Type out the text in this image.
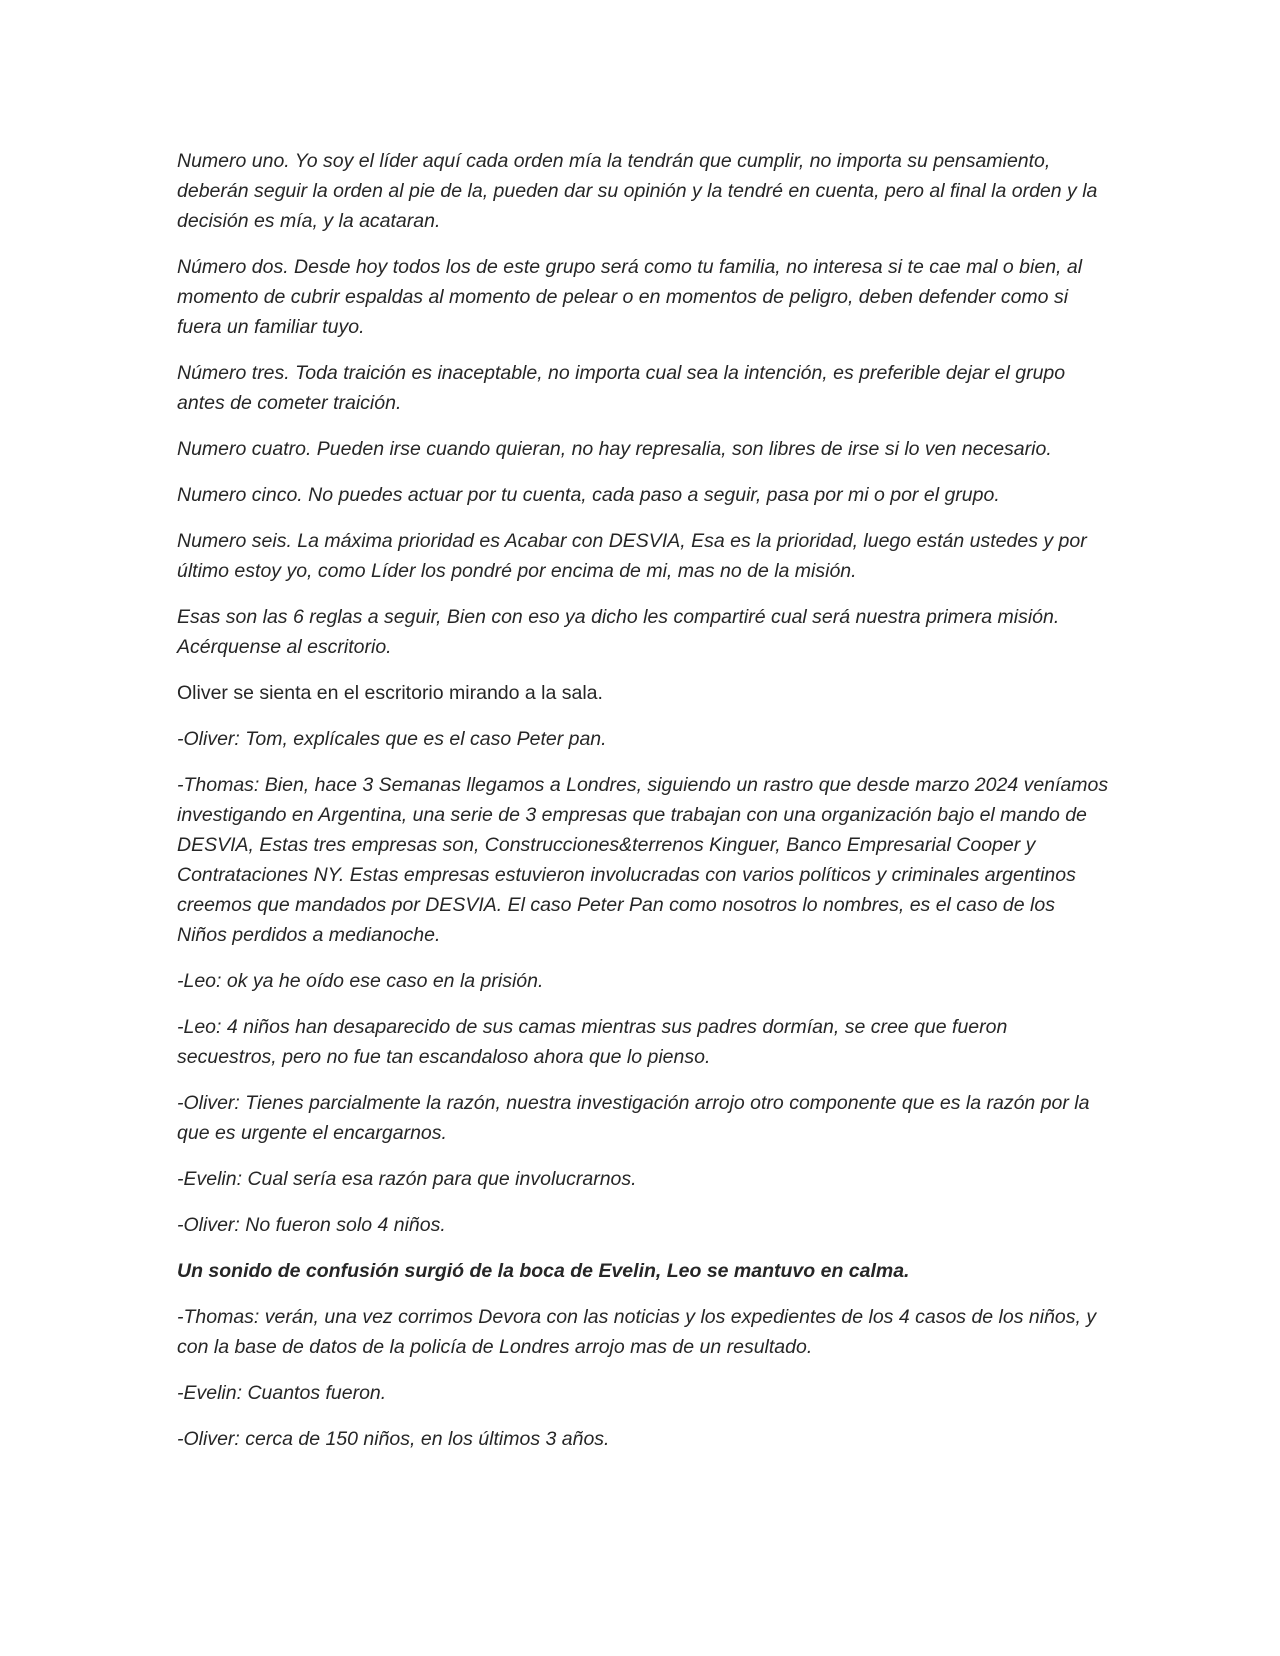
Numero uno. Yo soy el líder aquí cada orden mía la tendrán que cumplir, no importa su pensamiento, deberán seguir la orden al pie de la, pueden dar su opinión y la tendré en cuenta, pero al final la orden y la decisión es mía, y la acataran.

Número dos. Desde hoy todos los de este grupo será como tu familia, no interesa si te cae mal o bien, al momento de cubrir espaldas al momento de pelear o en momentos de peligro, deben defender como si fuera un familiar tuyo.

Número tres. Toda traición es inaceptable, no importa cual sea la intención, es preferible dejar el grupo antes de cometer traición.

Numero cuatro. Pueden irse cuando quieran, no hay represalia, son libres de irse si lo ven necesario.

Numero cinco. No puedes actuar por tu cuenta, cada paso a seguir, pasa por mi o por el grupo.

Numero seis. La máxima prioridad es Acabar con DESVIA, Esa es la prioridad, luego están ustedes y por último estoy yo, como Líder los pondré por encima de mi, mas no de la misión.

Esas son las 6 reglas a seguir, Bien con eso ya dicho les compartiré cual será nuestra primera misión. Acérquense al escritorio.

Oliver se sienta en el escritorio mirando a la sala.

-Oliver: Tom, explícales que es el caso Peter pan.

-Thomas: Bien, hace 3 Semanas llegamos a Londres, siguiendo un rastro que desde marzo 2024 veníamos investigando en Argentina, una serie de 3 empresas que trabajan con una organización bajo el mando de DESVIA, Estas tres empresas son, Construcciones&terrenos Kinguer, Banco Empresarial Cooper y Contrataciones NY. Estas empresas estuvieron involucradas con varios políticos y criminales argentinos creemos que mandados por DESVIA. El caso Peter Pan como nosotros lo nombres, es el caso de los Niños perdidos a medianoche.

-Leo: ok ya he oído ese caso en la prisión.

-Leo: 4 niños han desaparecido de sus camas mientras sus padres dormían, se cree que fueron secuestros, pero no fue tan escandaloso ahora que lo pienso.

-Oliver: Tienes parcialmente la razón, nuestra investigación arrojo otro componente que es la razón por la que es urgente el encargarnos.

-Evelin: Cual sería esa razón para que involucrarnos.

-Oliver: No fueron solo 4 niños.

Un sonido de confusión surgió de la boca de Evelin, Leo se mantuvo en calma.

-Thomas: verán, una vez corrimos Devora con las noticias y los expedientes de los 4 casos de los niños, y con la base de datos de la policía de Londres arrojo mas de un resultado.

-Evelin: Cuantos fueron.

-Oliver: cerca de 150 niños, en los últimos 3 años.
